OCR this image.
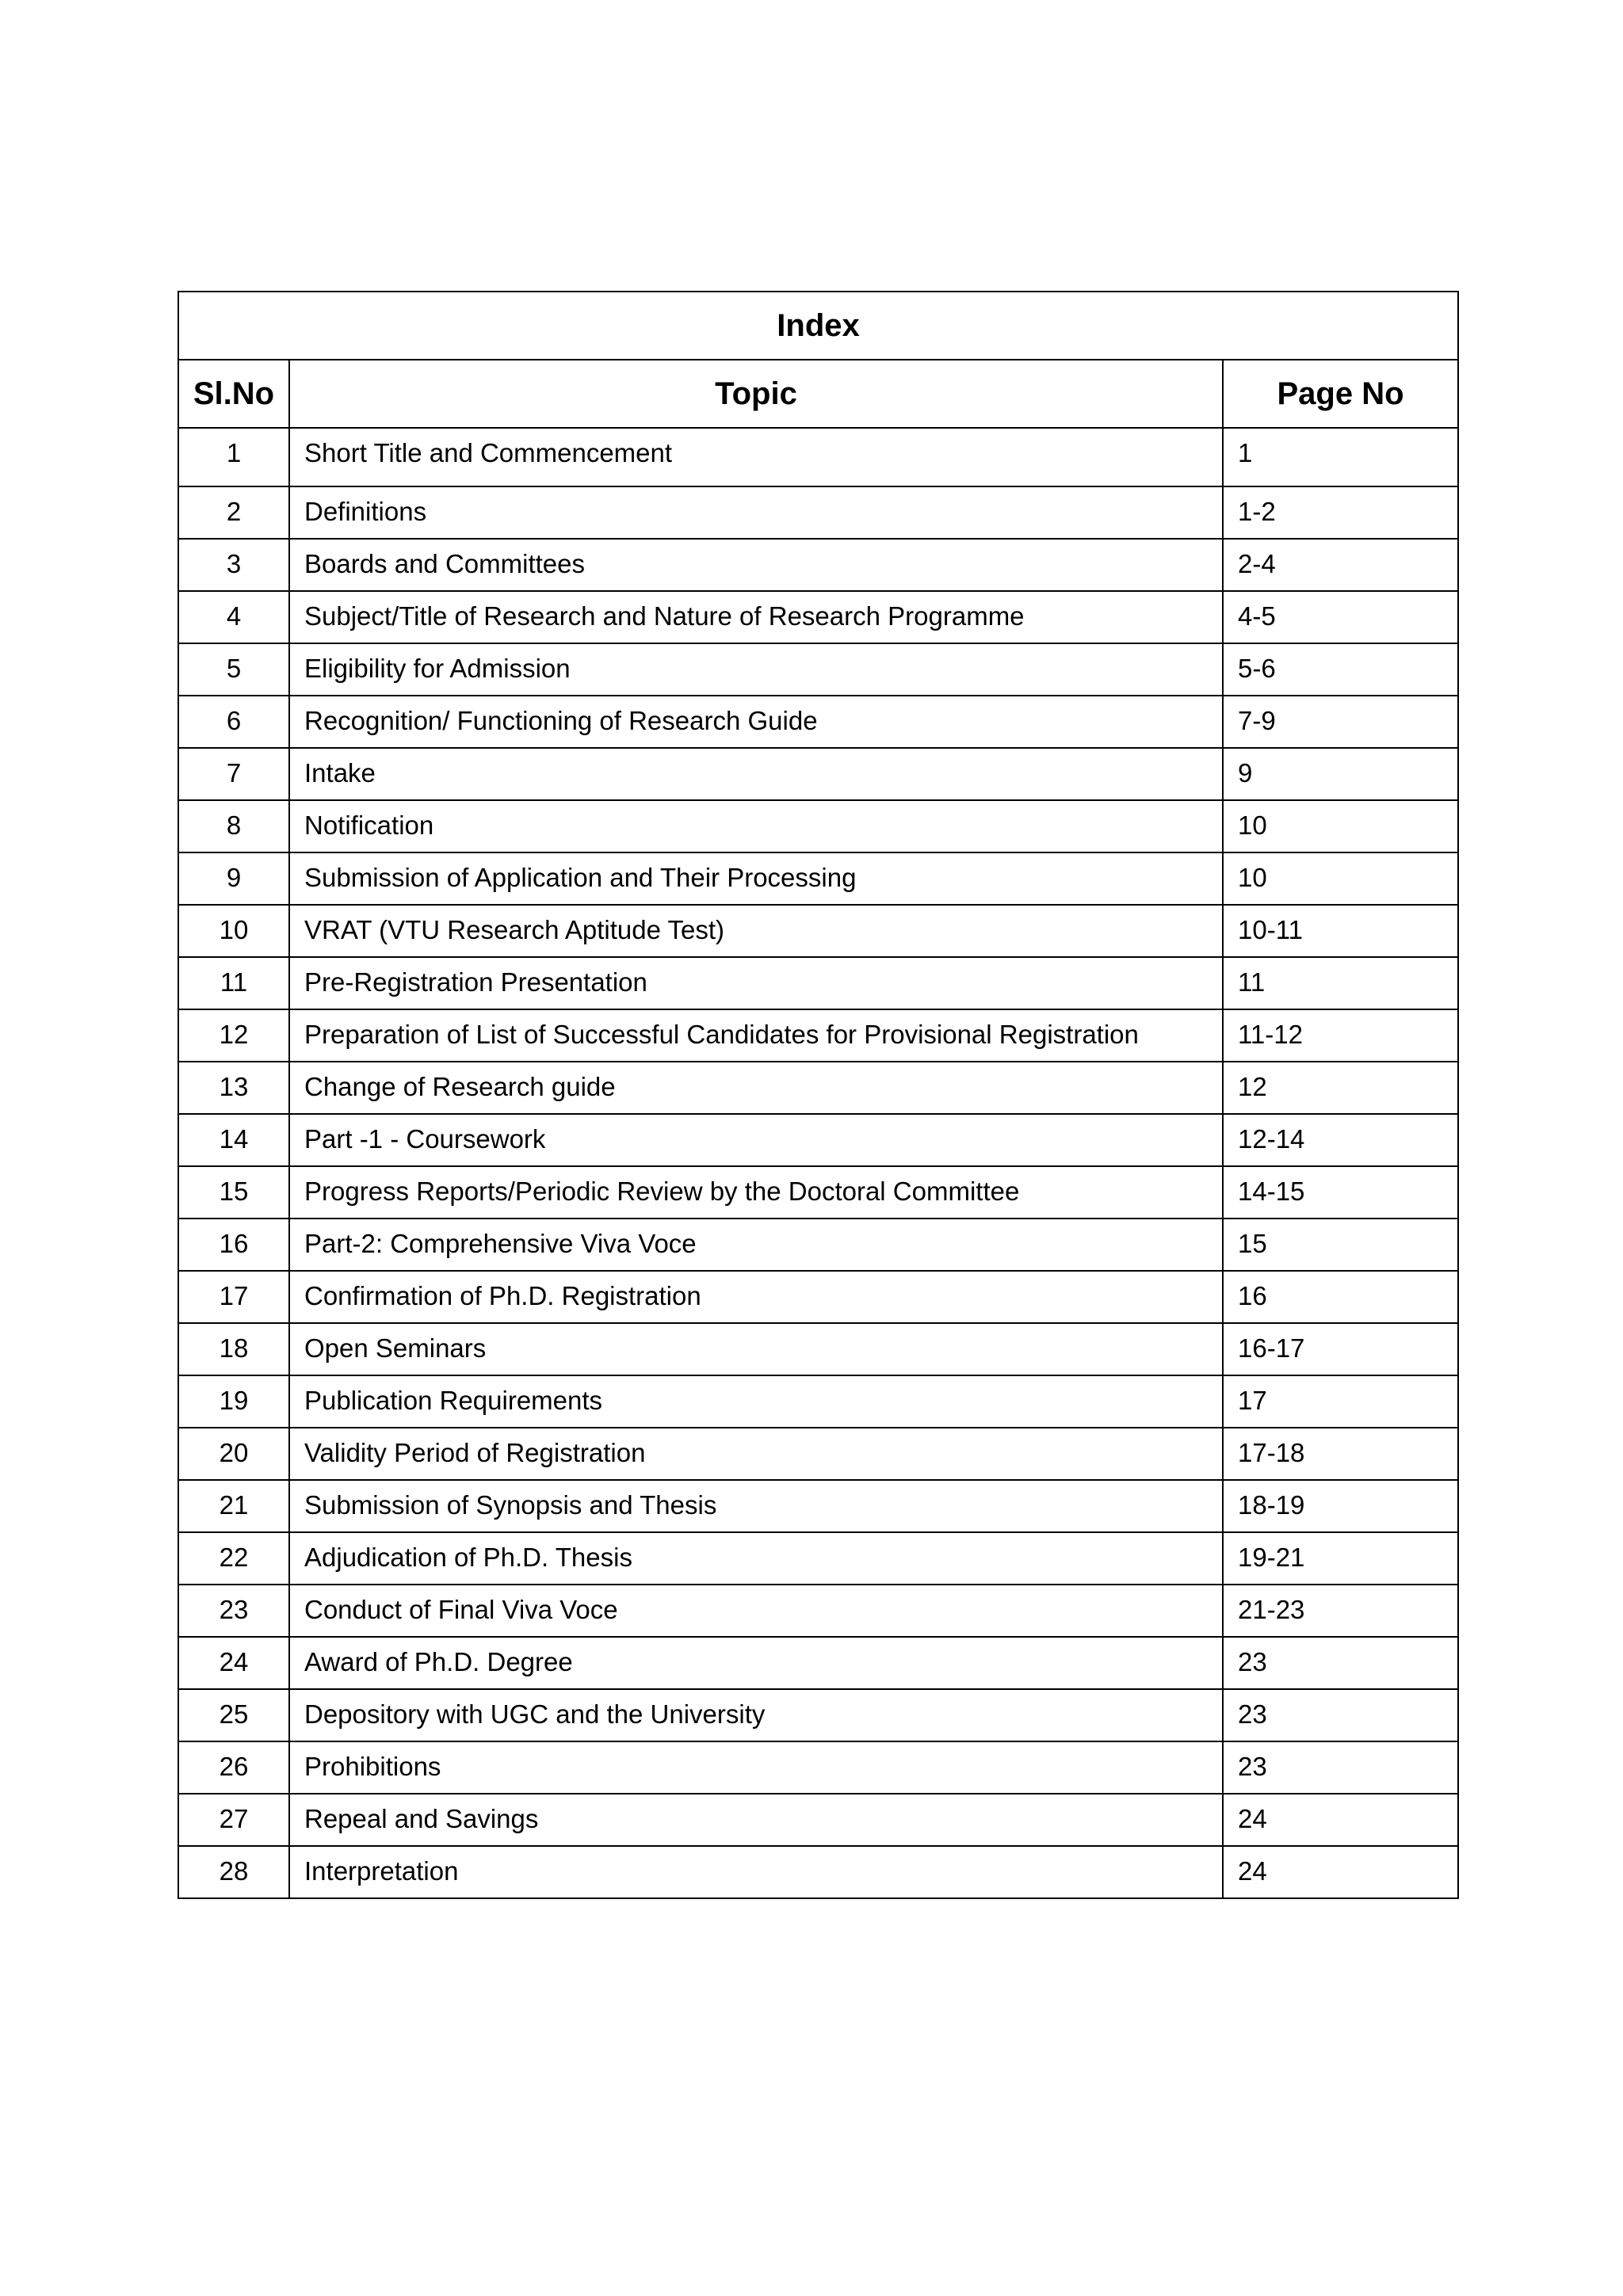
Index		
Sl.No	Topic	Page No
1	Short Title and Commencement	1
2	Definitions	1-2
3	Boards and Committees	2-4
4	Subject/Title of Research and Nature of Research Programme	4-5
5	Eligibility for Admission	5-6
6	Recognition/ Functioning of Research Guide	7-9
7	Intake	9
8	Notification	10
9	Submission of Application and Their Processing	10
10	VRAT (VTU Research Aptitude Test)	10-11
11	Pre-Registration Presentation	11
12	Preparation of List of Successful Candidates for Provisional Registration	11-12
13	Change of Research guide	12
14	Part -1 - Coursework	12-14
15	Progress Reports/Periodic Review by the Doctoral Committee	14-15
16	Part-2: Comprehensive Viva Voce	15
17	Confirmation of Ph.D. Registration	16
18	Open Seminars	16-17
19	Publication Requirements	17
20	Validity Period of Registration	17-18
21	Submission of Synopsis and Thesis	18-19
22	Adjudication of Ph.D. Thesis	19-21
23	Conduct of Final Viva Voce	21-23
24	Award of Ph.D. Degree	23
25	Depository with UGC and the University	23
26	Prohibitions	23
27	Repeal and Savings	24
28	Interpretation	24
